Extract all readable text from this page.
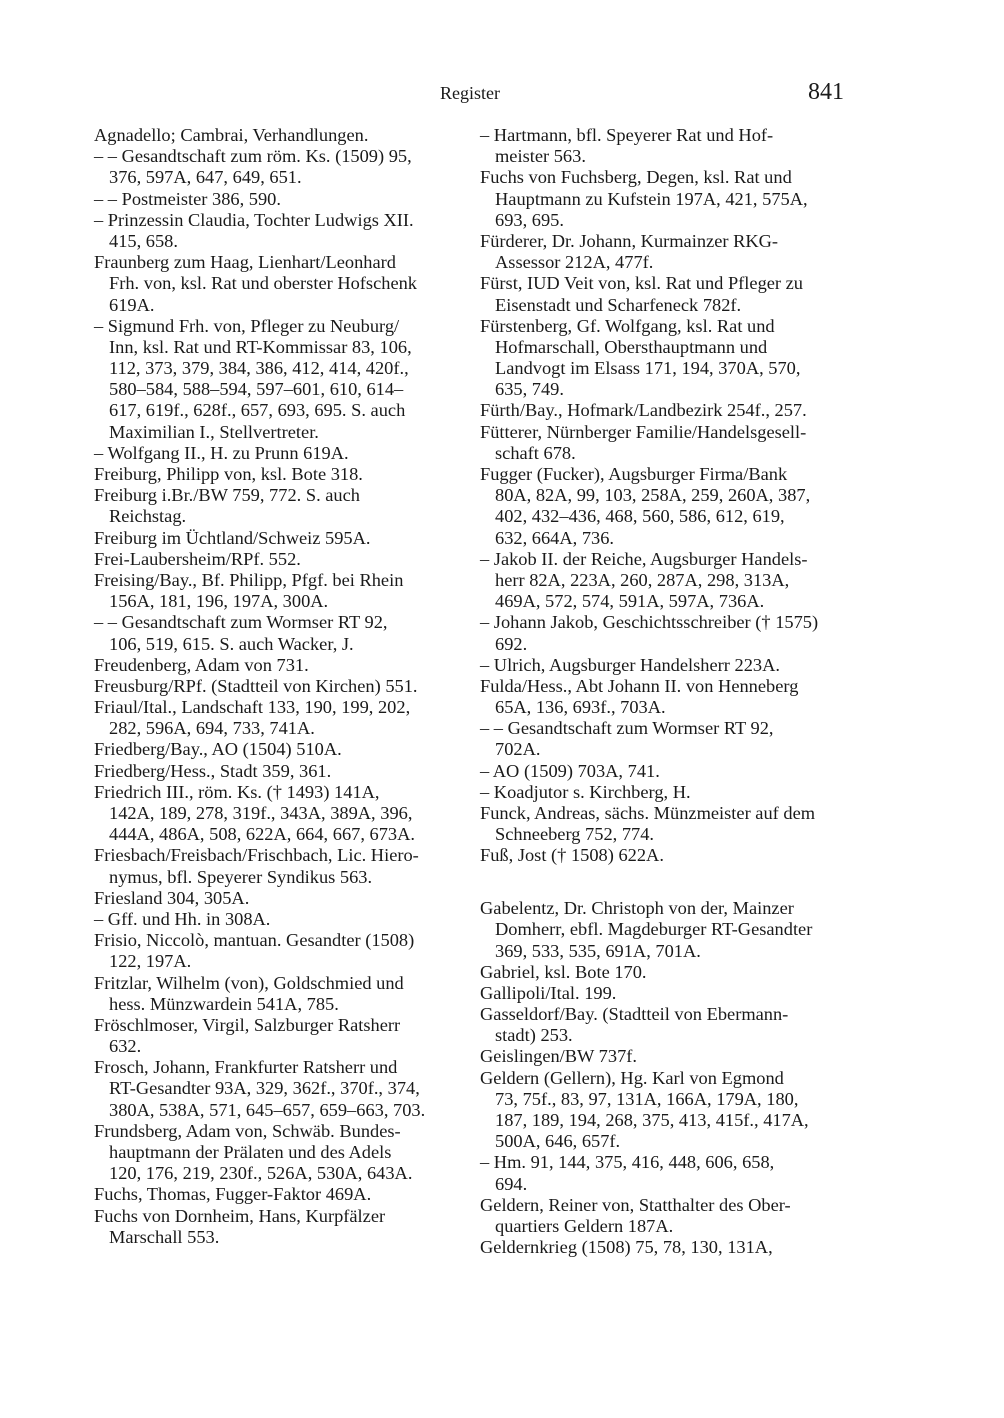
Register	841
Agnadello; Cambrai, Verhandlungen.
– – Gesandtschaft zum röm. Ks. (1509) 95,
376, 597A, 647, 649, 651.
– – Postmeister 386, 590.
– Prinzessin Claudia, Tochter Ludwigs XII.
415, 658.
Fraunberg zum Haag, Lienhart/Leonhard
Frh. von, ksl. Rat und oberster Hofschenk
619A.
– Sigmund Frh. von, Pfleger zu Neuburg/
Inn, ksl. Rat und RT-Kommissar 83, 106,
112, 373, 379, 384, 386, 412, 414, 420f.,
580–584, 588–594, 597–601, 610, 614–
617, 619f., 628f., 657, 693, 695. S. auch
Maximilian I., Stellvertreter.
– Wolfgang II., H. zu Prunn 619A.
Freiburg, Philipp von, ksl. Bote 318.
Freiburg i.Br./BW 759, 772. S. auch
Reichstag.
Freiburg im Üchtland/Schweiz 595A.
Frei-Laubersheim/RPf. 552.
Freising/Bay., Bf. Philipp, Pfgf. bei Rhein
156A, 181, 196, 197A, 300A.
– – Gesandtschaft zum Wormser RT 92,
106, 519, 615. S. auch Wacker, J.
Freudenberg, Adam von 731.
Freusburg/RPf. (Stadtteil von Kirchen) 551.
Friaul/Ital., Landschaft 133, 190, 199, 202,
282, 596A, 694, 733, 741A.
Friedberg/Bay., AO (1504) 510A.
Friedberg/Hess., Stadt 359, 361.
Friedrich III., röm. Ks. († 1493) 141A,
142A, 189, 278, 319f., 343A, 389A, 396,
444A, 486A, 508, 622A, 664, 667, 673A.
Friesbach/Freisbach/Frischbach, Lic. Hiero-
nymus, bfl. Speyerer Syndikus 563.
Friesland 304, 305A.
– Gff. und Hh. in 308A.
Frisio, Niccolò, mantuan. Gesandter (1508)
122, 197A.
Fritzlar, Wilhelm (von), Goldschmied und
hess. Münzwardein 541A, 785.
Fröschlmoser, Virgil, Salzburger Ratsherr
632.
Frosch, Johann, Frankfurter Ratsherr und
RT-Gesandter 93A, 329, 362f., 370f., 374,
380A, 538A, 571, 645–657, 659–663, 703.
Frundsberg, Adam von, Schwäb. Bundes-
hauptmann der Prälaten und des Adels
120, 176, 219, 230f., 526A, 530A, 643A.
Fuchs, Thomas, Fugger-Faktor 469A.
Fuchs von Dornheim, Hans, Kurpfälzer
Marschall 553.
– Hartmann, bfl. Speyerer Rat und Hof-
meister 563.
Fuchs von Fuchsberg, Degen, ksl. Rat und
Hauptmann zu Kufstein 197A, 421, 575A,
693, 695.
Fürderer, Dr. Johann, Kurmainzer RKG-
Assessor 212A, 477f.
Fürst, IUD Veit von, ksl. Rat und Pfleger zu
Eisenstadt und Scharfeneck 782f.
Fürstenberg, Gf. Wolfgang, ksl. Rat und
Hofmarschall, Obersthauptmann und
Landvogt im Elsass 171, 194, 370A, 570,
635, 749.
Fürth/Bay., Hofmark/Landbezirk 254f., 257.
Fütterer, Nürnberger Familie/Handelsgesell-
schaft 678.
Fugger (Fucker), Augsburger Firma/Bank
80A, 82A, 99, 103, 258A, 259, 260A, 387,
402, 432–436, 468, 560, 586, 612, 619,
632, 664A, 736.
– Jakob II. der Reiche, Augsburger Handels-
herr 82A, 223A, 260, 287A, 298, 313A,
469A, 572, 574, 591A, 597A, 736A.
– Johann Jakob, Geschichtsschreiber († 1575)
692.
– Ulrich, Augsburger Handelsherr 223A.
Fulda/Hess., Abt Johann II. von Henneberg
65A, 136, 693f., 703A.
– – Gesandtschaft zum Wormser RT 92,
702A.
– AO (1509) 703A, 741.
– Koadjutor s. Kirchberg, H.
Funck, Andreas, sächs. Münzmeister auf dem
Schneeberg 752, 774.
Fuß, Jost († 1508) 622A.
Gabelentz, Dr. Christoph von der, Mainzer
Domherr, ebfl. Magdeburger RT-Gesandter
369, 533, 535, 691A, 701A.
Gabriel, ksl. Bote 170.
Gallipoli/Ital. 199.
Gasseldorf/Bay. (Stadtteil von Ebermann-
stadt) 253.
Geislingen/BW 737f.
Geldern (Gellern), Hg. Karl von Egmond
73, 75f., 83, 97, 131A, 166A, 179A, 180,
187, 189, 194, 268, 375, 413, 415f., 417A,
500A, 646, 657f.
– Hm. 91, 144, 375, 416, 448, 606, 658,
694.
Geldern, Reiner von, Statthalter des Ober-
quartiers Geldern 187A.
Geldernkrieg (1508) 75, 78, 130, 131A,
